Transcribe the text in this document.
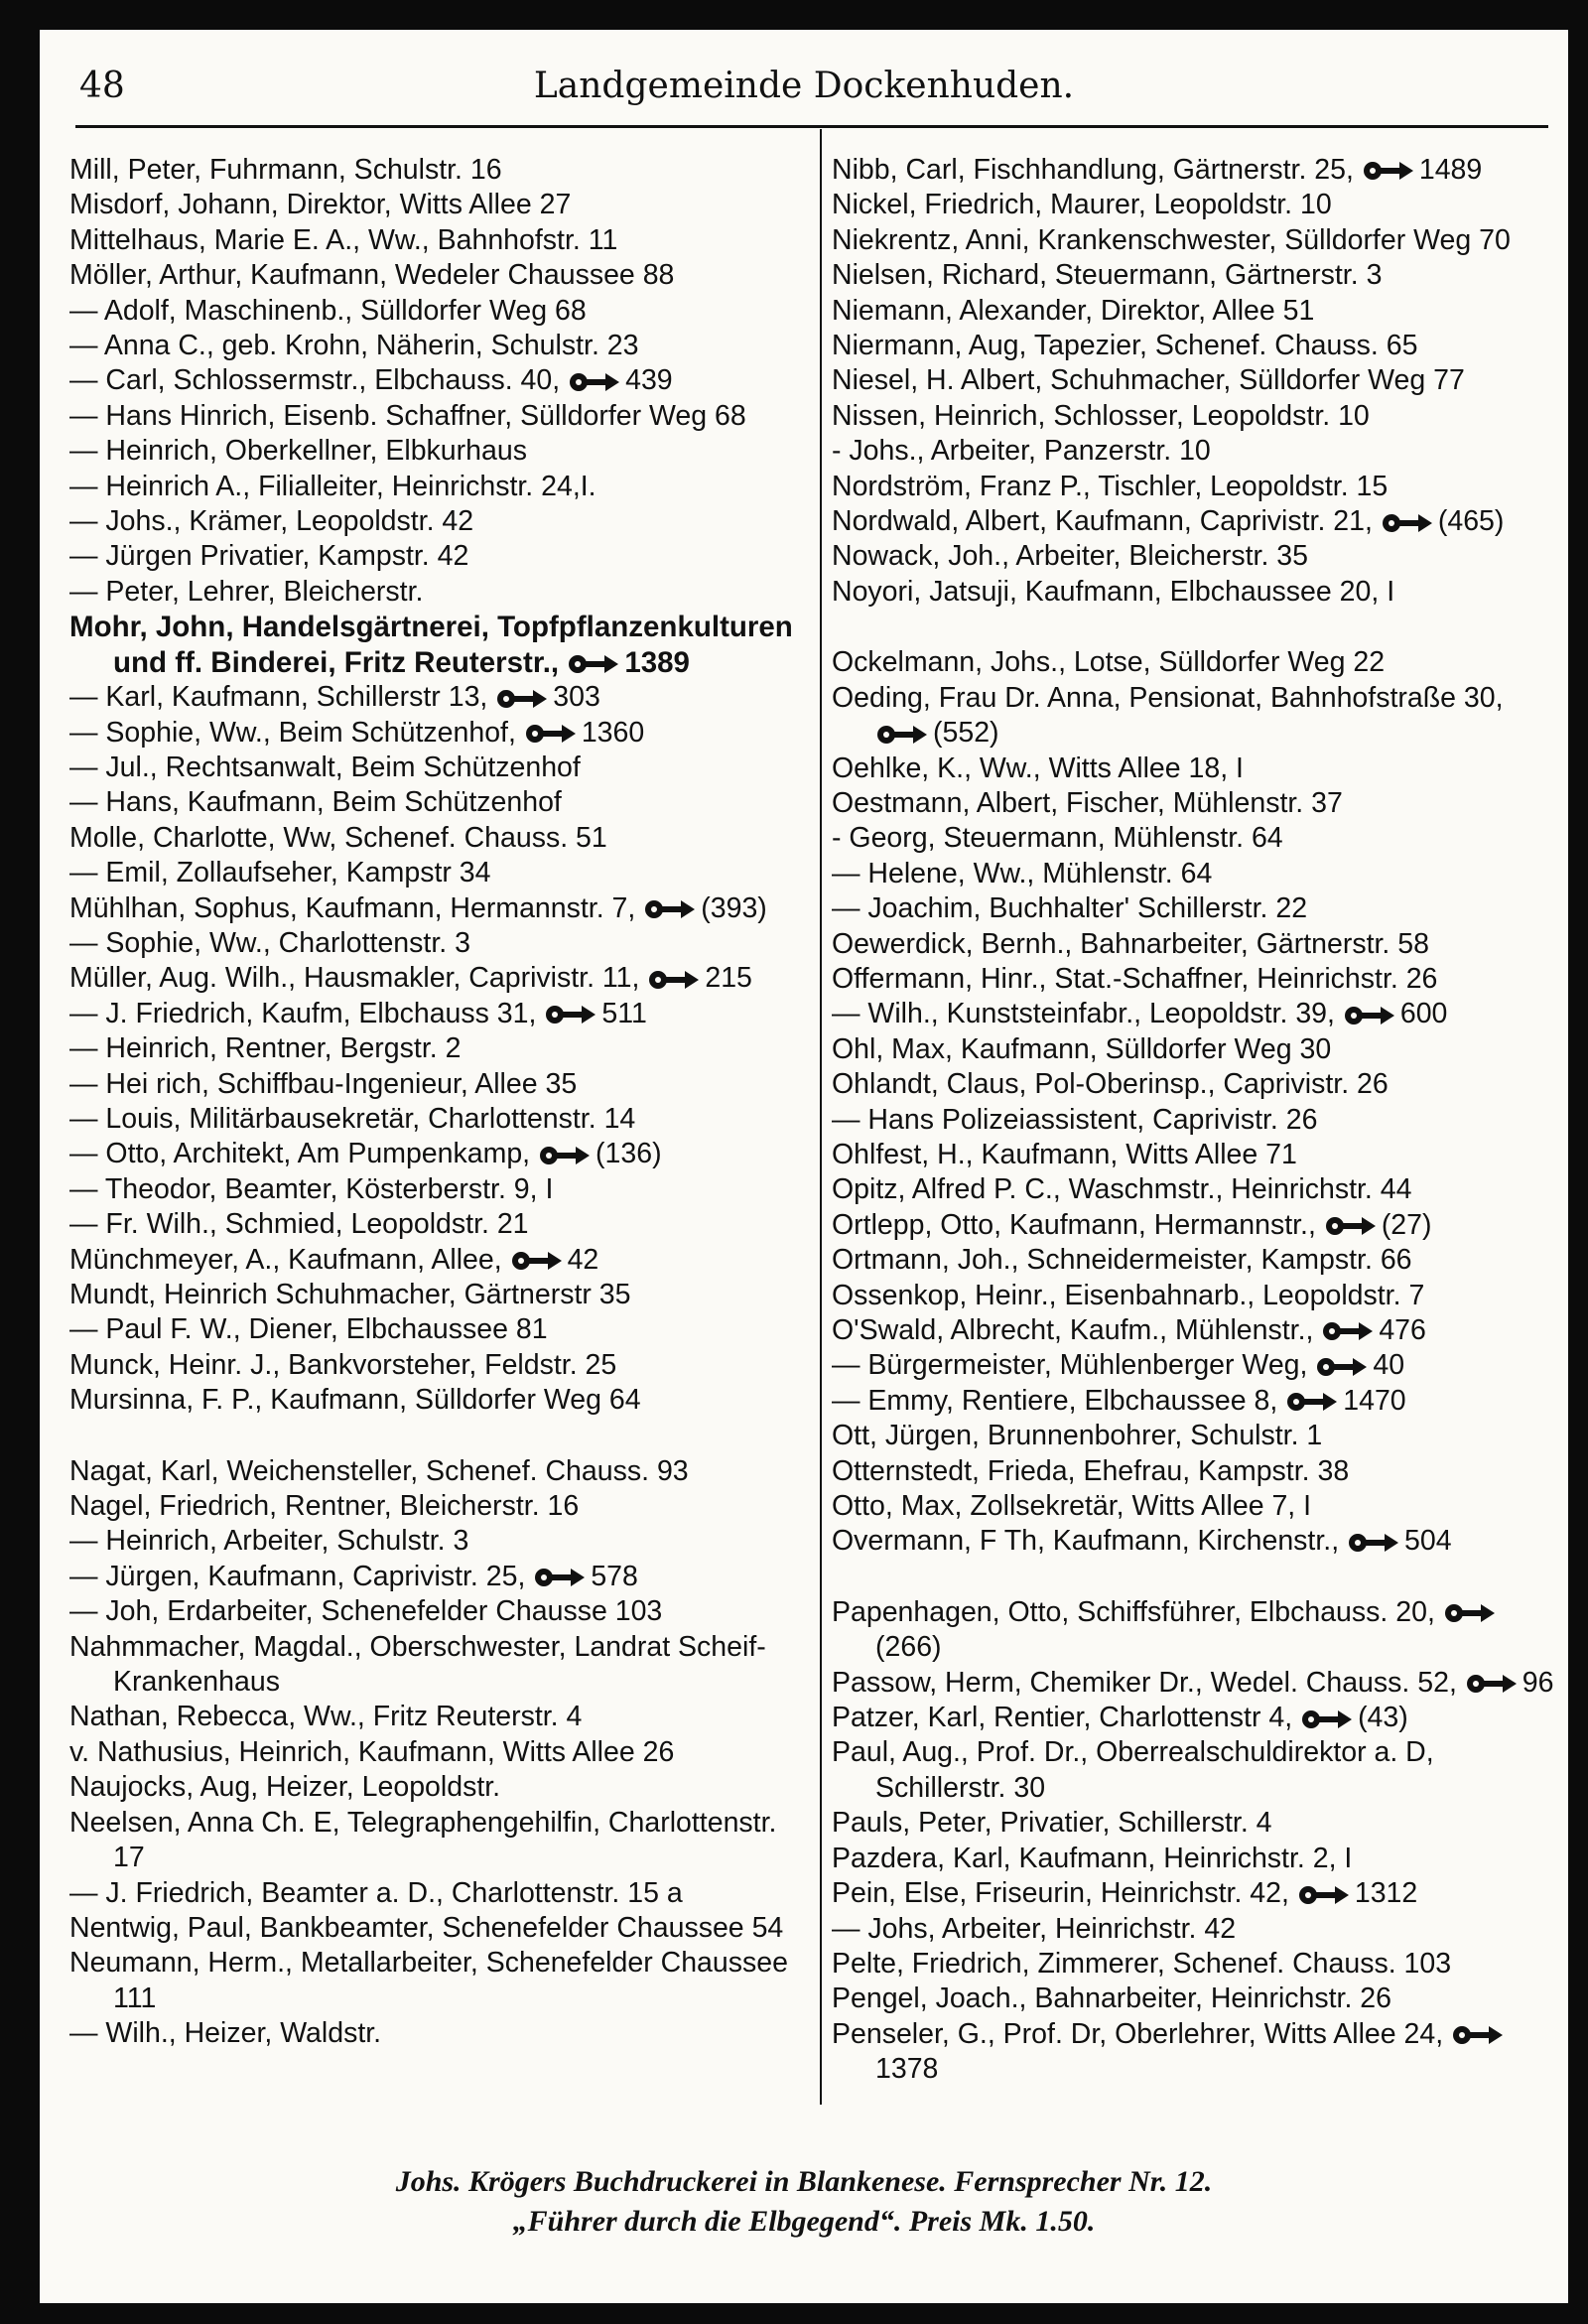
48	Landgemeinde Dockenhuden.
Mill, Peter, Fuhrmann, Schulstr. 16
Misdorf, Johann, Direktor, Witts Allee 27
Mittelhaus, Marie E. A., Ww., Bahnhofstr. 11
Möller, Arthur, Kaufmann, Wedeler Chaussee 88
— Adolf, Maschinenb., Sülldorfer Weg 68
— Anna C., geb. Krohn, Näherin, Schulstr. 23
— Carl, Schlossermstr., Elbchauss. 40, 439
— Hans Hinrich, Eisenb. Schaffner, Sülldorfer Weg 68
— Heinrich, Oberkellner, Elbkurhaus
— Heinrich A., Filialleiter, Heinrichstr. 24,I.
— Johs., Krämer, Leopoldstr. 42
— Jürgen Privatier, Kampstr. 42
— Peter, Lehrer, Bleicherstr.
Mohr, John, Handelsgärtnerei, Topfpflanzenkulturen und ff. Binderei, Fritz Reuterstr., 1389
— Karl, Kaufmann, Schillerstr 13, 303
— Sophie, Ww., Beim Schützenhof, 1360
— Jul., Rechtsanwalt, Beim Schützenhof
— Hans, Kaufmann, Beim Schützenhof
Molle, Charlotte, Ww, Schenef. Chauss. 51
— Emil, Zollaufseher, Kampstr 34
Mühlhan, Sophus, Kaufmann, Hermannstr. 7, (393)
— Sophie, Ww., Charlottenstr. 3
Müller, Aug. Wilh., Hausmakler, Caprivistr. 11, 215
— J. Friedrich, Kaufm, Elbchauss 31, 511
— Heinrich, Rentner, Bergstr. 2
— Hei rich, Schiffbau-Ingenieur, Allee 35
— Louis, Militärbausekretär, Charlottenstr. 14
— Otto, Architekt, Am Pumpenkamp, (136)
— Theodor, Beamter, Kösterberstr. 9, I
— Fr. Wilh., Schmied, Leopoldstr. 21
Münchmeyer, A., Kaufmann, Allee, 42
Mundt, Heinrich Schuhmacher, Gärtnerstr 35
— Paul F. W., Diener, Elbchaussee 81
Munck, Heinr. J., Bankvorsteher, Feldstr. 25
Mursinna, F. P., Kaufmann, Sülldorfer Weg 64
Nagat, Karl, Weichensteller, Schenef. Chauss. 93
Nagel, Friedrich, Rentner, Bleicherstr. 16
— Heinrich, Arbeiter, Schulstr. 3
— Jürgen, Kaufmann, Caprivistr. 25, 578
— Joh, Erdarbeiter, Schenefelder Chausse 103
Nahmmacher, Magdal., Oberschwester, Landrat Scheif-Krankenhaus
Nathan, Rebecca, Ww., Fritz Reuterstr. 4
v. Nathusius, Heinrich, Kaufmann, Witts Allee 26
Naujocks, Aug, Heizer, Leopoldstr.
Neelsen, Anna Ch. E, Telegraphengehilfin, Charlottenstr. 17
— J. Friedrich, Beamter a. D., Charlottenstr. 15 a
Nentwig, Paul, Bankbeamter, Schenefelder Chaussee 54
Neumann, Herm., Metallarbeiter, Schenefelder Chaussee 111
— Wilh., Heizer, Waldstr.
Nibb, Carl, Fischhandlung, Gärtnerstr. 25, 1489
Nickel, Friedrich, Maurer, Leopoldstr. 10
Niekrentz, Anni, Krankenschwester, Sülldorfer Weg 70
Nielsen, Richard, Steuermann, Gärtnerstr. 3
Niemann, Alexander, Direktor, Allee 51
Niermann, Aug, Tapezier, Schenef. Chauss. 65
Niesel, H. Albert, Schuhmacher, Sülldorfer Weg 77
Nissen, Heinrich, Schlosser, Leopoldstr. 10
- Johs., Arbeiter, Panzerstr. 10
Nordström, Franz P., Tischler, Leopoldstr. 15
Nordwald, Albert, Kaufmann, Caprivistr. 21, (465)
Nowack, Joh., Arbeiter, Bleicherstr. 35
Noyori, Jatsuji, Kaufmann, Elbchaussee 20, I
Ockelmann, Johs., Lotse, Sülldorfer Weg 22
Oeding, Frau Dr. Anna, Pensionat, Bahnhofstraße 30,
(552)
Oehlke, K., Ww., Witts Allee 18, I
Oestmann, Albert, Fischer, Mühlenstr. 37
- Georg, Steuermann, Mühlenstr. 64
— Helene, Ww., Mühlenstr. 64
— Joachim, Buchhalter' Schillerstr. 22
Oewerdick, Bernh., Bahnarbeiter, Gärtnerstr. 58
Offermann, Hinr., Stat.-Schaffner, Heinrichstr. 26
— Wilh., Kunststeinfabr., Leopoldstr. 39, 600
Ohl, Max, Kaufmann, Sülldorfer Weg 30
Ohlandt, Claus, Pol-Oberinsp., Caprivistr. 26
— Hans Polizeiassistent, Caprivistr. 26
Ohlfest, H., Kaufmann, Witts Allee 71
Opitz, Alfred P. C., Waschmstr., Heinrichstr. 44
Ortlepp, Otto, Kaufmann, Hermannstr., (27)
Ortmann, Joh., Schneidermeister, Kampstr. 66
Ossenkop, Heinr., Eisenbahnarb., Leopoldstr. 7
O'Swald, Albrecht, Kaufm., Mühlenstr., 476
— Bürgermeister, Mühlenberger Weg, 40
— Emmy, Rentiere, Elbchaussee 8, 1470
Ott, Jürgen, Brunnenbohrer, Schulstr. 1
Otternstedt, Frieda, Ehefrau, Kampstr. 38
Otto, Max, Zollsekretär, Witts Allee 7, I
Overmann, F Th, Kaufmann, Kirchenstr., 504
Papenhagen, Otto, Schiffsführer, Elbchauss. 20,
(266)
Passow, Herm, Chemiker Dr., Wedel. Chauss. 52, 96
Patzer, Karl, Rentier, Charlottenstr 4, (43)
Paul, Aug., Prof. Dr., Oberrealschuldirektor a. D, Schillerstr. 30
Pauls, Peter, Privatier, Schillerstr. 4
Pazdera, Karl, Kaufmann, Heinrichstr. 2, I
Pein, Else, Friseurin, Heinrichstr. 42, 1312
— Johs, Arbeiter, Heinrichstr. 42
Pelte, Friedrich, Zimmerer, Schenef. Chauss. 103
Pengel, Joach., Bahnarbeiter, Heinrichstr. 26
Penseler, G., Prof. Dr, Oberlehrer, Witts Allee 24,
1378
Johs. Krögers Buchdruckerei in Blankenese. Fernsprecher Nr. 12.
„Führer durch die Elbgegend“. Preis Mk. 1.50.
